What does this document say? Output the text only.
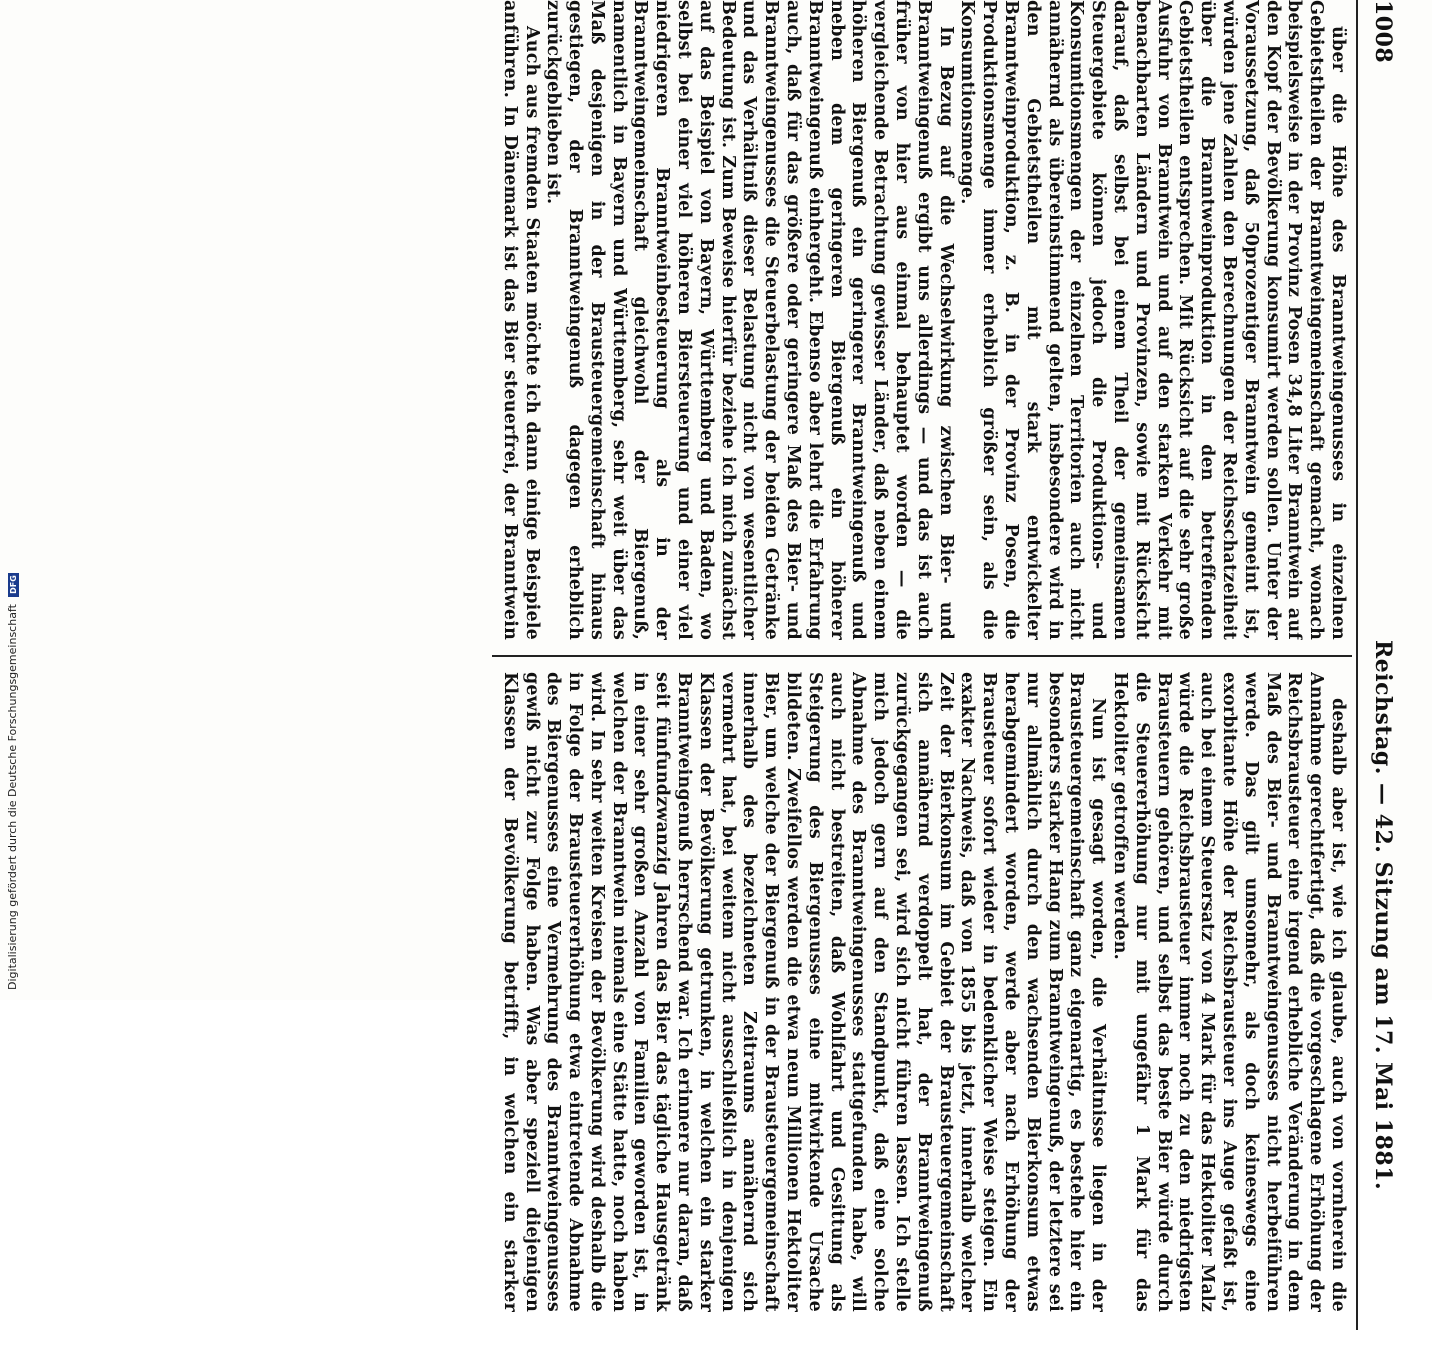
1008
Reichstag. — 42. Sitzung am 17. Mai 1881.

über die Höhe des Branntweingenusses in einzelnen Gebietstheilen der Branntweingemeinschaft gemacht, wonach beispielsweise in der Provinz Posen 34,8 Liter Branntwein auf den Kopf der Bevölkerung konsumirt werden sollen. Unter der Voraussetzung, daß 50prozentiger Branntwein gemeint ist, würden jene Zahlen den Berechnungen der Reichsschatzeiheit über die Branntweinproduktion in den betreffenden Gebietstheilen entsprechen. Mit Rücksicht auf die sehr große Ausfuhr von Branntwein und auf den starken Verkehr mit benachbarten Ländern und Provinzen, sowie mit Rücksicht darauf, daß selbst bei einem Theil der gemeinsamen Steuergebiete können jedoch die Produktions- und Konsumtionsmengen der einzelnen Territorien auch nicht annähernd als übereinstimmend gelten, insbesondere wird in den Gebietstheilen mit stark entwickelter Branntweinproduktion, z. B. in der Provinz Posen, die Produktionsmenge immer erheblich größer sein, als die Konsumtionsmenge.

In Bezug auf die Wechselwirkung zwischen Bier- und Branntweingenuß ergibt uns allerdings — und das ist auch früher von hier aus einmal behauptet worden — die vergleichende Betrachtung gewisser Länder, daß neben einem höheren Biergenuß ein geringerer Branntweingenuß und neben dem geringeren Biergenuß ein höherer Branntweingenuß einhergeht. Ebenso aber lehrt die Erfahrung auch, daß für das größere oder geringere Maß des Bier- und Branntweingenusses die Steuerbelastung der beiden Getränke und das Verhältniß dieser Belastung nicht von wesentlicher Bedeutung ist. Zum Beweise hierfür beziehe ich mich zunächst auf das Beispiel von Bayern, Württemberg und Baden, wo selbst bei einer viel höheren Biersteuerung und einer viel niedrigeren Branntweinbesteuerung als in der Branntweingemeinschaft gleichwohl der Biergenuß, namentlich in Bayern und Württemberg, sehr weit über das Maß desjenigen in der Brausteuergemeinschaft hinaus gestiegen, der Branntweingenuß dagegen erheblich zurückgeblieben ist.

Auch aus fremden Staaten möchte ich dann einige Beispiele anführen. In Dänemark ist das Bier steuerfrei, der Branntwein

deshalb aber ist, wie ich glaube, auch von vornherein die Annahme gerechtfertigt, daß die vorgeschlagene Erhöhung der Reichsbrausteuer eine irgend erhebliche Veränderung in dem Maß des Bier- und Branntweingenusses nicht herbeiführen werde. Das gilt umsomehr, als doch keineswegs eine exorbitante Höhe der Reichsbrausteuer ins Auge gefaßt ist, auch bei einem Steuersatz von 4 Mark für das Hektoliter Malz würde die Reichsbrausteuer immer noch zu den niedrigsten Brausteuern gehören, und selbst das beste Bier würde durch die Steuererhöhung nur mit ungefähr 1 Mark für das Hektoliter getroffen werden.

Nun ist gesagt worden, die Verhältnisse liegen in der Brausteuergemeinschaft ganz eigenartig, es bestehe hier ein besonders starker Hang zum Branntweingenuß, der letztere sei nur allmählich durch den wachsenden Bierkonsum etwas herabgemindert worden, werde aber nach Erhöhung der Brausteuer sofort wieder in bedenklicher Weise steigen. Ein exakter Nachweis, daß von 1855 bis jetzt, innerhalb welcher Zeit der Bierkonsum im Gebiet der Brausteuergemeinschaft sich annähernd verdoppelt hat, der Branntweingenuß zurückgegangen sei, wird sich nicht führen lassen. Ich stelle mich jedoch gern auf den Standpunkt, daß eine solche Abnahme des Branntweingenusses stattgefunden habe, will auch nicht bestreiten, daß Wohlfahrt und Gesittung als Steigerung des Biergenusses eine mitwirkende Ursache bildeten. Zweifellos werden die etwa neun Millionen Hektoliter Bier, um welche der Biergenuß in der Brausteuergemeinschaft innerhalb des bezeichneten Zeitraums annähernd sich vermehrt hat, bei weitem nicht ausschließlich in denjenigen Klassen der Bevölkerung getrunken, in welchen ein starker Branntweingenuß herrschend war. Ich erinnere nur daran, daß seit fünfundzwanzig Jahren das Bier das tägliche Hausgetränk in einer sehr großen Anzahl von Familien geworden ist, in welchen der Branntwein niemals eine Stätte hatte, noch haben wird. In sehr weiten Kreisen der Bevölkerung wird deshalb die in Folge der Brausteuererhöhung etwa eintretende Abnahme des Biergenusses eine Vermehrung des Branntweingenusses gewiß nicht zur Folge haben. Was aber speziell diejenigen Klassen der Bevölkerung betrifft, in welchen ein starker

Digitalisierung gefördert durch die Deutsche Forschungsgemeinschaft DFG
